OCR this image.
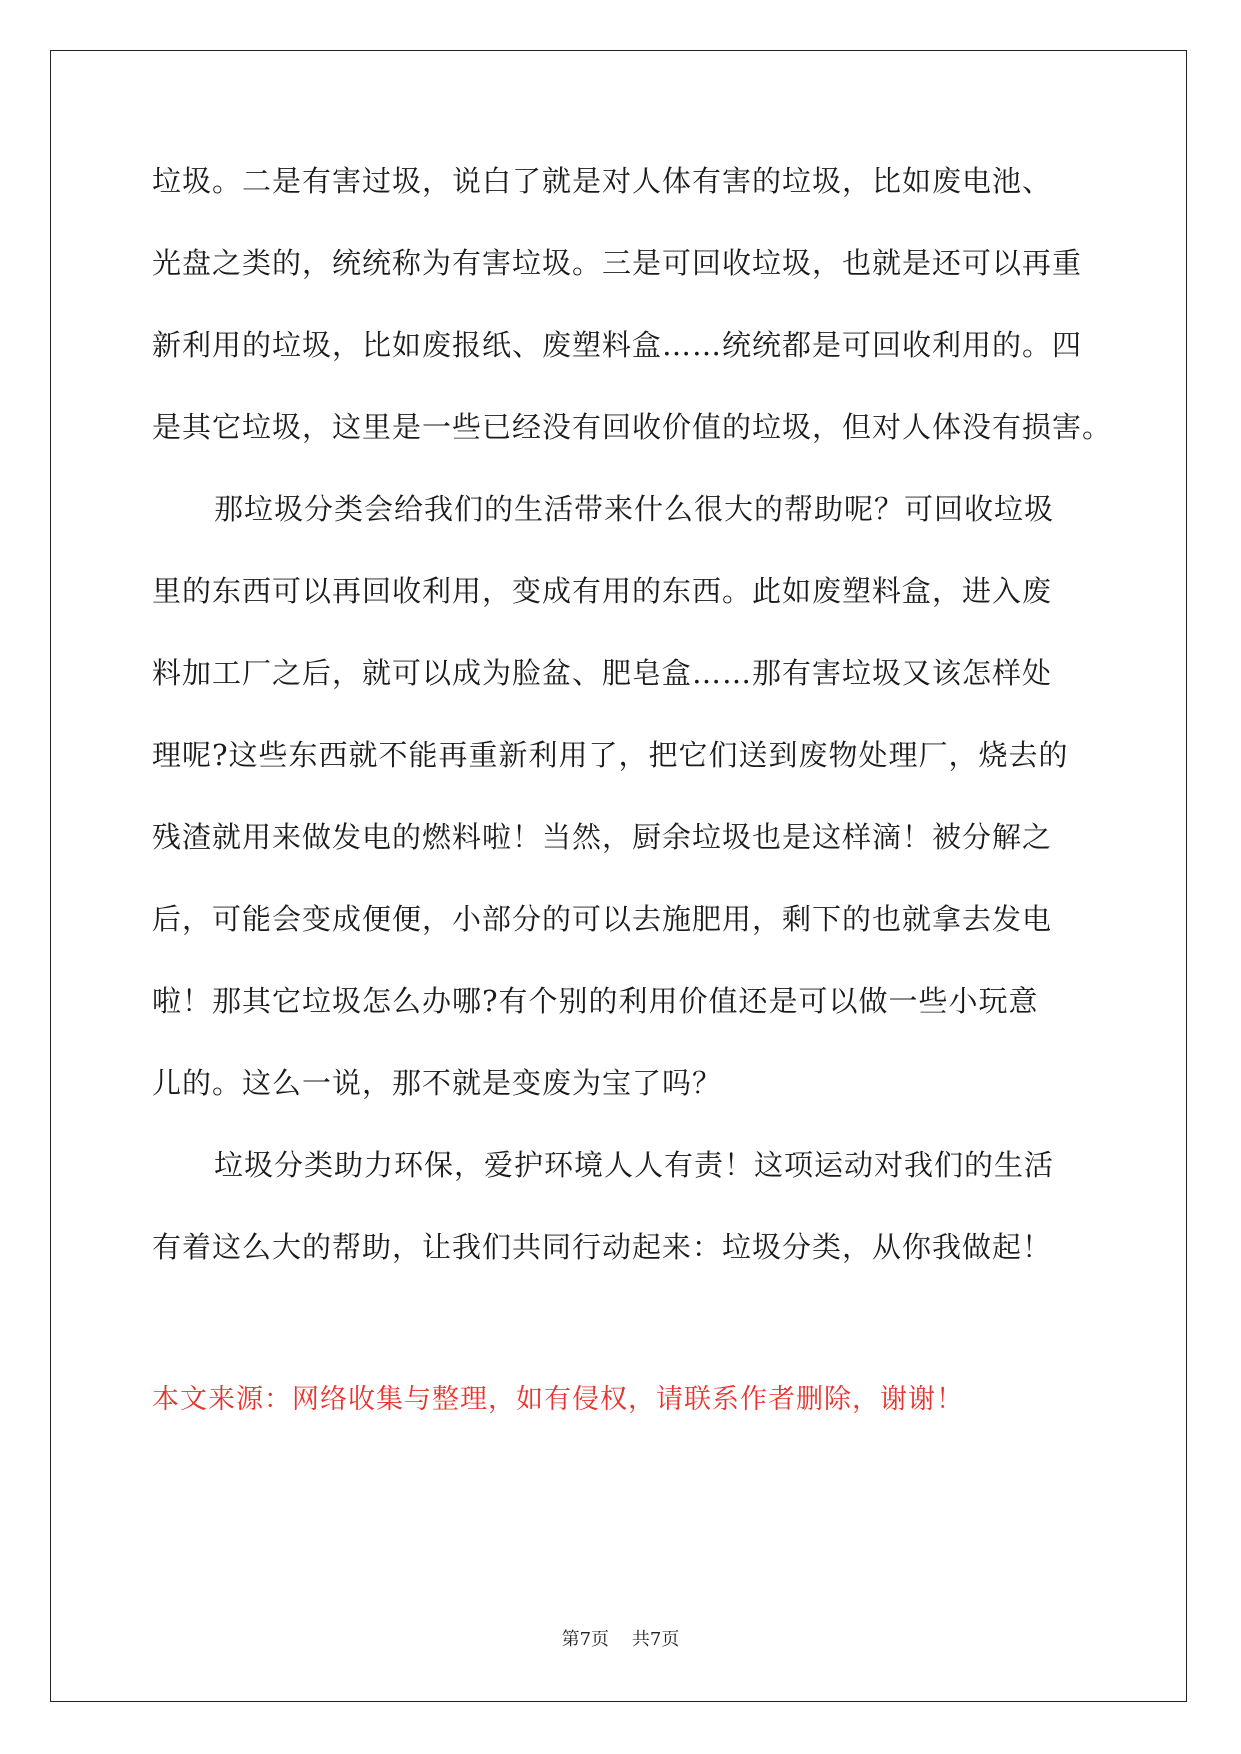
垃圾。二是有害过圾，说白了就是对人体有害的垃圾，比如废电池、
光盘之类的，统统称为有害垃圾。三是可回收垃圾，也就是还可以再重
新利用的垃圾，比如废报纸、废塑料盒……统统都是可回收利用的。四
是其它垃圾，这里是一些已经没有回收价值的垃圾，但对人体没有损害。
那垃圾分类会给我们的生活带来什么很大的帮助呢？可回收垃圾
里的东西可以再回收利用，变成有用的东西。此如废塑料盒，进入废
料加工厂之后，就可以成为脸盆、肥皂盒……那有害垃圾又该怎样处
理呢?这些东西就不能再重新利用了，把它们送到废物处理厂，烧去的
残渣就用来做发电的燃料啦！当然，厨余垃圾也是这样滴！被分解之
后，可能会变成便便，小部分的可以去施肥用，剩下的也就拿去发电
啦！那其它垃圾怎么办哪?有个别的利用价值还是可以做一些小玩意
儿的。这么一说，那不就是变废为宝了吗？
垃圾分类助力环保，爱护环境人人有责！这项运动对我们的生活
有着这么大的帮助，让我们共同行动起来：垃圾分类，从你我做起！
本文来源：网络收集与整理，如有侵权，请联系作者删除，谢谢！
第7页    共7页
